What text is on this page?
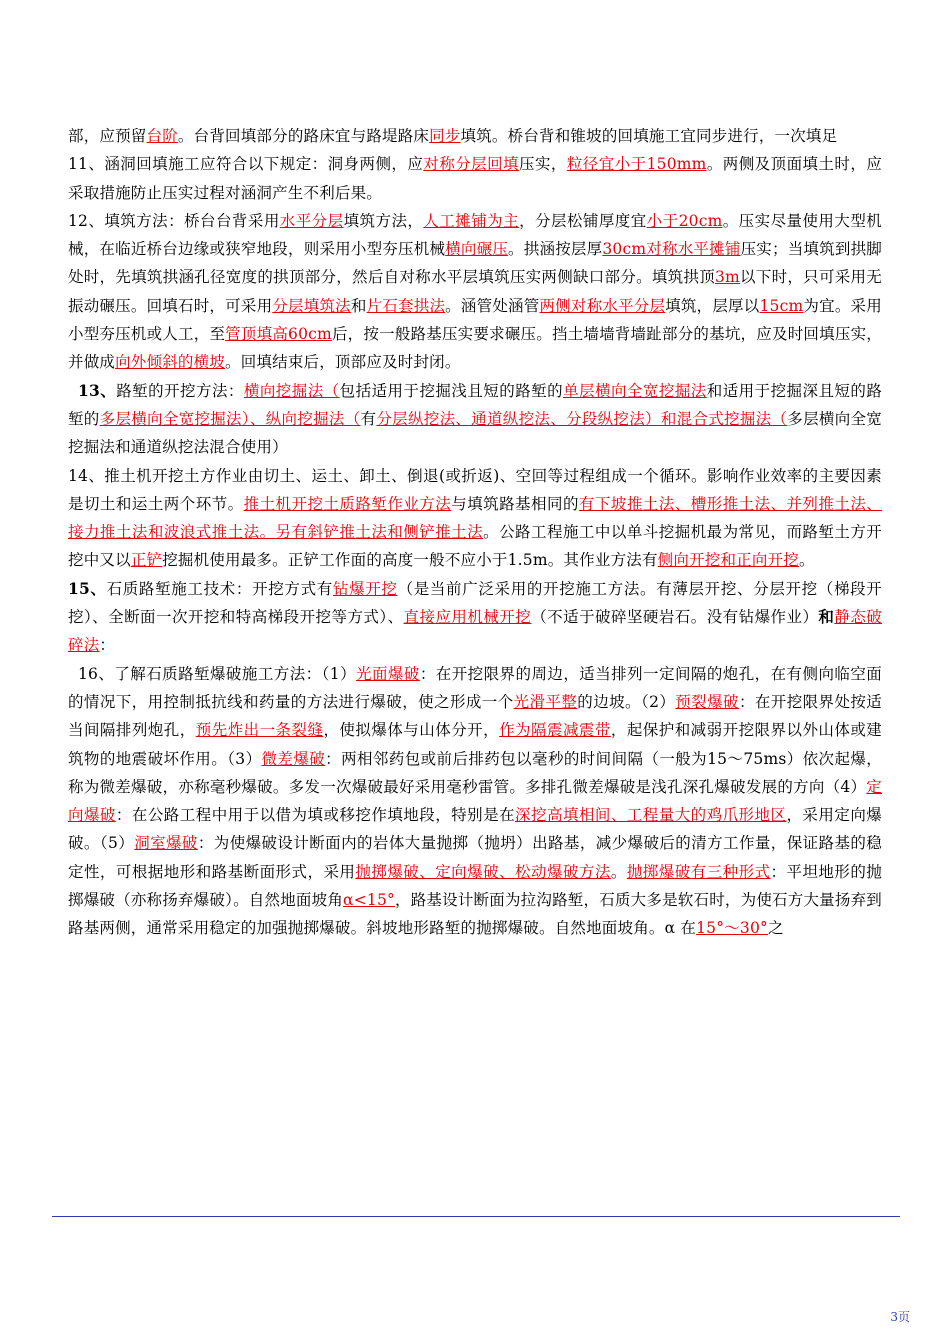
部，应预留台阶。台背回填部分的路床宜与路堤路床同步填筑。桥台背和锥坡的回填施工宜同步进行，一次填足

11、涵洞回填施工应符合以下规定：洞身两侧，应对称分层回填压实，粒径宜小于150mm。两侧及顶面填土时，应采取措施防止压实过程对涵洞产生不利后果。

12、填筑方法：桥台台背采用水平分层填筑方法，人工摊铺为主，分层松铺厚度宜小于20cm。压实尽量使用大型机械，在临近桥台边缘或狭窄地段，则采用小型夯压机械横向碾压。拱涵按层厚30cm对称水平摊铺压实；当填筑到拱脚处时，先填筑拱涵孔径宽度的拱顶部分，然后自对称水平层填筑压实两侧缺口部分。填筑拱顶3m以下时，只可采用无振动碾压。回填石时，可采用分层填筑法和片石套拱法。涵管处涵管两侧对称水平分层填筑，层厚以15cm为宜。采用小型夯压机或人工，至管顶填高60cm后，按一般路基压实要求碾压。挡土墙墙背墙趾部分的基坑，应及时回填压实，并做成向外倾斜的横坡。回填结束后，顶部应及时封闭。

13、路堑的开挖方法：横向挖掘法（包括适用于挖掘浅且短的路堑的单层横向全宽挖掘法和适用于挖掘深且短的路堑的多层横向全宽挖掘法）、纵向挖掘法（有分层纵挖法、通道纵挖法、分段纵挖法）和混合式挖掘法（多层横向全宽挖掘法和通道纵挖法混合使用）

14、推土机开挖土方作业由切土、运土、卸土、倒退(或折返)、空回等过程组成一个循环。影响作业效率的主要因素是切土和运土两个环节。推土机开挖土质路堑作业方法与填筑路基相同的有下坡推土法、槽形推土法、并列推土法、接力推土法和波浪式推土法。另有斜铲推土法和侧铲推土法。公路工程施工中以单斗挖掘机最为常见，而路堑土方开挖中又以正铲挖掘机使用最多。正铲工作面的高度一般不应小于1.5m。其作业方法有侧向开挖和正向开挖。

15、石质路堑施工技术：开挖方式有钻爆开挖（是当前广泛采用的开挖施工方法。有薄层开挖、分层开挖（梯段开挖）、全断面一次开挖和特高梯段开挖等方式）、直接应用机械开挖（不适于破碎坚硬岩石。没有钻爆作业）和静态破碎法：

16、了解石质路堑爆破施工方法：（1）光面爆破：在开挖限界的周边，适当排列一定间隔的炮孔，在有侧向临空面的情况下，用控制抵抗线和药量的方法进行爆破，使之形成一个光滑平整的边坡。（2）预裂爆破：在开挖限界处按适当间隔排列炮孔，预先炸出一条裂缝，使拟爆体与山体分开，作为隔震减震带，起保护和减弱开挖限界以外山体或建筑物的地震破坏作用。（3）微差爆破：两相邻药包或前后排药包以毫秒的时间间隔（一般为15～75ms）依次起爆，称为微差爆破，亦称毫秒爆破。多发一次爆破最好采用毫秒雷管。多排孔微差爆破是浅孔深孔爆破发展的方向（4）定向爆破：在公路工程中用于以借为填或移挖作填地段，特别是在深挖高填相间、工程量大的鸡爪形地区，采用定向爆破。（5）洞室爆破：为使爆破设计断面内的岩体大量抛掷（抛坍）出路基，减少爆破后的清方工作量，保证路基的稳定性，可根据地形和路基断面形式，采用抛掷爆破、定向爆破、松动爆破方法。抛掷爆破有三种形式：平坦地形的抛掷爆破（亦称扬弃爆破）。自然地面坡角α<15°，路基设计断面为拉沟路堑，石质大多是软石时，为使石方大量扬弃到路基两侧，通常采用稳定的加强抛掷爆破。斜坡地形路堑的抛掷爆破。自然地面坡角。α 在15°～30°之

3页
